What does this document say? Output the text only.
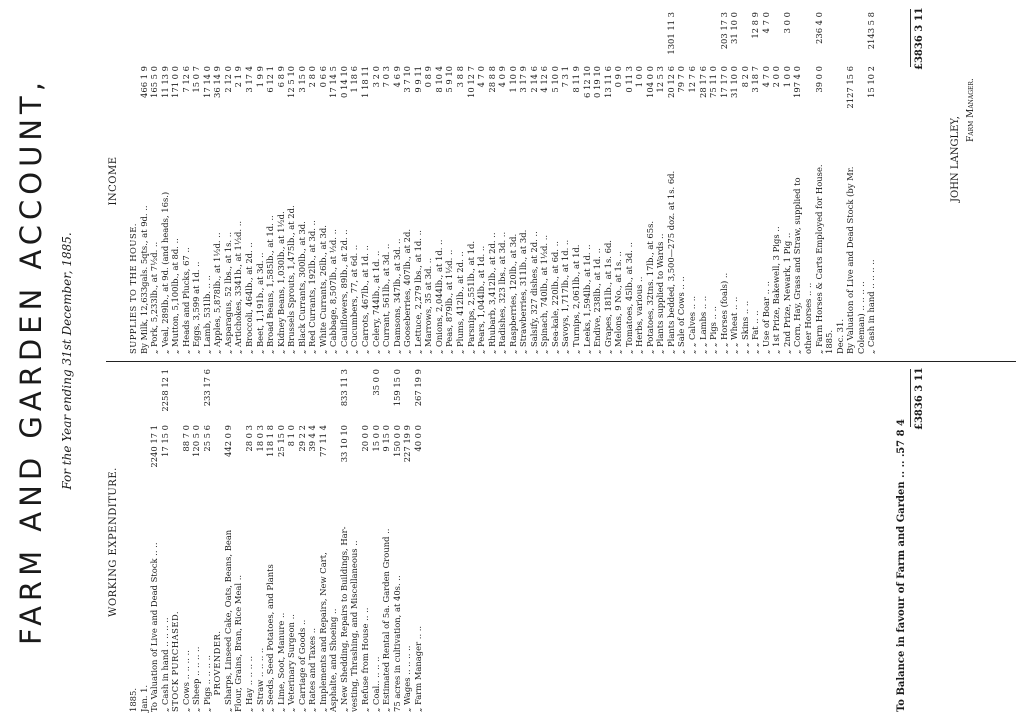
FARM AND GARDEN ACCOUNT, For the Year ending 31st December, 1885.
WORKING EXPENDITURE.
INCOME
1885. Jan. 1. To Valuation of Live and Dead Stock .. ..
2240 17 1
„ Cash in hand .. .. .. ..
17 15 0
2258 12 1
STOCK PURCHASED. „ Cows .. .. .. ..
88 7 0
„ Sheep .. .. .. ..
120 5 0
„ Pigs .. .. .. ..
25 5 6
233 17 6
PROVENDER. „ Sharps, Linseed Cake, Oats, Beans, Bean
442 0 9
Flour, Grains, Bran, Rice Meal .. „ Hay .. .. .. ..
28 0 3
„ Straw .. .. .. ..
18 0 3
„ Seeds, Seed Potatoes, and Plants
118 1 8
„ Lime, Soot, Manure ..
25 15 0
„ Veterinary Surgeon ..
8 1 0
„ Carriage of Goods ..
29 2 2
„ Rates and Taxes ..
39 4 4
„ Implements and Repairs, New Cart,
77 11 4
Asphalte, and Shoeing .. „ New Shedding, Repairs to Buildings, Har-
33 10 10
833 11 3
vesting, Thrashing, and Miscellaneous .. „ Refuse from House .. ..
20 0 0
„ Coal.. .. .. ..
15 0 0
35 0 0
„ Estimated Rental of 5a. Garden Ground ..
9 15 0
75 acres in cultivation, at 40s. ..
150 0 0
159 15 0
„ Wages .. .. .. ..
227 19 9
„ Farm Manager .. ..
40 0 0
267 19 9
SUPPLIES TO THE HOUSE. By Milk, 12,633gals. 5qts., at 9d. ..
466 1 9
„ Pork, 5,233lb., at 7½d. ..
165 5 0
„ Veal, 289lb., at 9d. (and heads, 16s.)
11 13 9
„ Mutton, 5,100lb., at 8d. ..
171 0 0
„ Heads and Plucks, 67 ..
7 12 6
„ Eggs, 3,599 at 1d. ..
15 0 7
„ Lamb, 531lb. .. ..
17 14 0
„ Apples, 5,878lb., at 1½d. ..
36 14 9
„ Asparagus, 52 lbs., at 1s. ..
2 12 0
„ Artichokes, 3341b., at 1½d. ..
2 1 9
„ Broccoli, 464lb., at 2d. ..
3 17 4
„ Beet, 1,191b., at 3d. ..
1 9 9
„ Broad Beans, 1,585lb., at 1d. ..
6 12 1
„ Kidney Beans, 1,030lb., at 1½d.
6 8 9
„ Brussels Sprouts, 1,475lb., at 2d.
12 5 10
„ Black Currants, 300lb., at 3d.
3 15 0
„ Red Currants, 192lb., at 3d. ..
2 8 0
„ White Currants, 26lb., at 3d.
0 6 6
„ Cabbage, 8,507lb., at ½d. ..
17 14 5
„ Cauliflowers, 89lb., at 2d. ..
0 14 10
„ Cucumbers, 77, at 6d. ..
1 18 6
„ Carrots, 467lb., at 1d. ..
1 18 11
„ Celery, 744lb., at 1d. ..
3 2 0
„ Currant, 561lb., at 3d. ..
7 0 3
„ Damsons, 347lb., at 3d. ..
4 6 9
„ Gooseberries, 407lb., at 2d.
3 7 10
„ Lettuce, 2,279 lbs., at 1d. ..
9 9 11
„ Marrows, 35 at 3d. ..
0 8 9
„ Onions, 2,044lb., at 1d. ..
8 10 4
„ Peas, 879lb., at 1½d. ..
5 9 10
„ Plums, 412lb., at 2d. ..
3 8 8
„ Parsnips, 2,551lb., at 1d.
10 12 7
„ Pears, 1,044lb., at 1d. ..
4 7 0
„ Rhubarb, 3,412lb., at 2d. ..
28 8 8
„ Radishes, 323 lbs., at 3d. ..
4 0 9
„ Raspberries, 120lb., at 3d.
1 10 0
„ Strawberries, 311lb., at 3d.
3 17 9
„ Salsify, 327 dishes, at 2d. ..
2 14 6
„ Spinach, 740lb., at 1½d. ..
4 12 6
„ Sea-kale, 220lb., at 6d. ..
5 10 0
„ Savoys, 1,717lb., at 1d. ..
7 3 1
„ Turnips, 2,061lb., at 1d.
8 11 9
„ Leeks, 1,594lb., at 1d. ..
6 12 10
„ Endive, 238lb., at 1d. ..
0 19 10
„ Grapes, 181lb., at 1s. 6d.
13 11 6
„ Melons, 9 No., at 1s. ..
0 9 0
„ Tomatoes, 45lb., at 3d. ..
0 11 3
„ Herbs, various ..
1 0 0
„ Potatoes, 32tns. 17lb., at 65s.
104 0 0
„ Plants supplied to Wards ..
12 5 3
„ Plants bedded, 3,500—275 doz. at 1s. 6d.
20 12 6
1301 11 3
„ Sale of Cows .. ..
79 7 0
„ „ Calves .. ..
12 7 6
„ „ Lambs .. ..
28 17 6
„ „ Pigs .. ..
75 11 0
„ „ Horses (foals) ..
17 17 0
203 17 3
„ „ Wheat .. ..
31 10 0
31 10 0
„ „ Skins .. ..
8 2 0
„ „ Fat .. ..
3 18 7
12 8 9
„ Use of Boar .. ..
4 7 0
4 7 0
„ 1st Prize, Bakewell, 3 Pigs ..
2 0 0
„ 2nd Prize, Newark, 1 Pig ..
1 0 0
3 0 0
„ Corn, Hay, Grass and Straw, supplied to
197 4 0
other Horses .. .. „ Farm Horses & Carts Employed for House.
39 0 0
236 4 0
1885. Dec. 31. By Valuation of Live and Dead Stock (by Mr.
2127 15 6
Coleman) .. .. .. .. „ Cash in hand .. .. .. ..
15 10 2
2143 5 8
To Balance in favour of Farm and Garden .. .. ..
57 8 4
£3836 3 11
£3836 3 11
JOHN LANGLEY,
Farm Manager.
